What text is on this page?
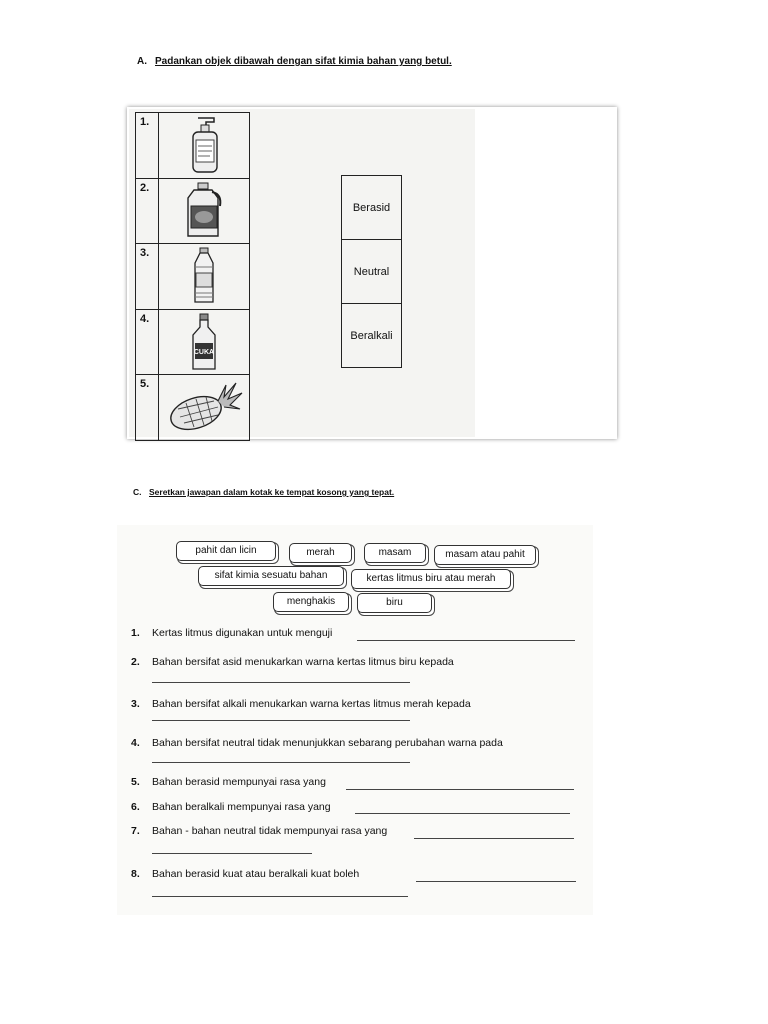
A. Padankan objek dibawah dengan sifat kimia bahan yang betul.
1.	

2.	

3.	

4.	CUKA

5.	
Berasid
Neutral
Beralkali
C. Seretkan jawapan dalam kotak ke tempat kosong yang tepat.
pahit dan licin	merah	masam	masam atau pahit
sifat kimia sesuatu bahan	kertas litmus biru atau merah
menghakis	biru
1. Kertas litmus digunakan untuk menguji
2. Bahan bersifat asid menukarkan warna kertas litmus biru kepada
3. Bahan bersifat alkali menukarkan warna kertas litmus merah kepada
4. Bahan bersifat neutral tidak menunjukkan sebarang perubahan warna pada
5. Bahan berasid mempunyai rasa yang
6. Bahan beralkali mempunyai rasa yang
7. Bahan - bahan neutral tidak mempunyai rasa yang
8. Bahan berasid kuat atau beralkali kuat boleh
